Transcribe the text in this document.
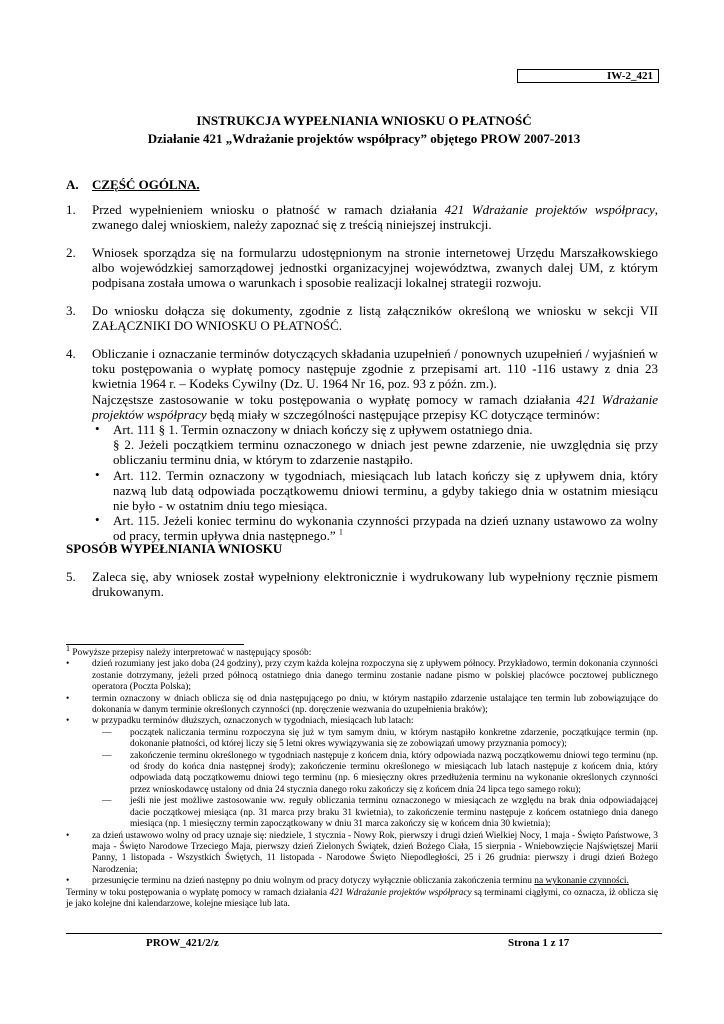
IW-2_421
INSTRUKCJA WYPEŁNIANIA WNIOSKU O PŁATNOŚĆ
Działanie 421 „Wdrażanie projektów współpracy” objętego PROW 2007-2013
A. CZĘŚĆ OGÓLNA.
1. Przed wypełnieniem wniosku o płatność w ramach działania 421 Wdrażanie projektów współpracy, zwanego dalej wnioskiem, należy zapoznać się z treścią niniejszej instrukcji.
2. Wniosek sporządza się na formularzu udostępnionym na stronie internetowej Urzędu Marszałkowskiego albo wojewódzkiej samorządowej jednostki organizacyjnej województwa, zwanych dalej UM, z którym podpisana została umowa o warunkach i sposobie realizacji lokalnej strategii rozwoju.
3. Do wniosku dołącza się dokumenty, zgodnie z listą załączników określoną we wniosku w sekcji VII ZAŁĄCZNIKI DO WNIOSKU O PŁATNOŚĆ.
4. Obliczanie i oznaczanie terminów dotyczących składania uzupełnień / ponownych uzupełnień / wyjaśnień w toku postępowania o wypłatę pomocy następuje zgodnie z przepisami art. 110 -116 ustawy z dnia 23 kwietnia 1964 r. – Kodeks Cywilny (Dz. U. 1964 Nr 16, poz. 93 z późn. zm.).
Najczęstsze zastosowanie w toku postępowania o wypłatę pomocy w ramach działania 421 Wdrażanie projektów współpracy będą miały w szczególności następujące przepisy KC dotyczące terminów:
• Art. 111 § 1. Termin oznaczony w dniach kończy się z upływem ostatniego dnia.
§ 2. Jeżeli początkiem terminu oznaczonego w dniach jest pewne zdarzenie, nie uwzględnia się przy obliczaniu terminu dnia, w którym to zdarzenie nastąpiło.
• Art. 112. Termin oznaczony w tygodniach, miesiącach lub latach kończy się z upływem dnia, który nazwą lub datą odpowiada początkowemu dniowi terminu, a gdyby takiego dnia w ostatnim miesiącu nie było - w ostatnim dniu tego miesiąca.
• Art. 115. Jeżeli koniec terminu do wykonania czynności przypada na dzień uznany ustawowo za wolny od pracy, termin upływa dnia następnego.” $^1$
SPOSÓB WYPEŁNIANIA WNIOSKU
5. Zaleca się, aby wniosek został wypełniony elektronicznie i wydrukowany lub wypełniony ręcznie pismem drukowanym.
$^1$ Powyższe przepisy należy interpretować w następujący sposób:
• dzień rozumiany jest jako doba (24 godziny), przy czym każda kolejna rozpoczyna się z upływem północy. Przykładowo, termin dokonania czynności zostanie dotrzymany, jeżeli przed północą ostatniego dnia danego terminu zostanie nadane pismo w polskiej placówce pocztowej publicznego operatora (Poczta Polska);
• termin oznaczony w dniach oblicza się od dnia następującego po dniu, w którym nastąpiło zdarzenie ustalające ten termin lub zobowiązujące do dokonania w danym terminie określonych czynności (np. doręczenie wezwania do uzupełnienia braków);
• w przypadku terminów dłuższych, oznaczonych w tygodniach, miesiącach lub latach:
— początek naliczania terminu rozpoczyna się już w tym samym dniu, w którym nastąpiło konkretne zdarzenie, początkujące termin (np. dokonanie płatności, od której liczy się 5 letni okres wywiązywania się ze zobowiązań umowy przyznania pomocy);
— zakończenie terminu określonego w tygodniach następuje z końcem dnia, który odpowiada nazwą początkowemu dniowi tego terminu (np. od środy do końca dnia następnej środy); zakończenie terminu określonego w miesiącach lub latach następuje z końcem dnia, który odpowiada datą początkowemu dniowi tego terminu (np. 6 miesięczny okres przedłużenia terminu na wykonanie określonych czynności przez wnioskodawcę ustalony od dnia 24 stycznia danego roku zakończy się z końcem dnia 24 lipca tego samego roku);
— jeśli nie jest możliwe zastosowanie ww. reguły obliczania terminu oznaczonego w miesiącach ze względu na brak dnia odpowiadającej dacie początkowej miesiąca (np. 31 marca przy braku 31 kwietnia), to zakończenie terminu następuje z końcem ostatniego dnia danego miesiąca (np. 1 miesięczny termin zapoczątkowany w dniu 31 marca zakończy się w końcem dnia 30 kwietnia);
• za dzień ustawowo wolny od pracy uznaje się: niedziele, 1 stycznia - Nowy Rok, pierwszy i drugi dzień Wielkiej Nocy, 1 maja - Święto Państwowe, 3 maja - Święto Narodowe Trzeciego Maja, pierwszy dzień Zielonych Świątek, dzień Bożego Ciała, 15 sierpnia - Wniebowzięcie Najświętszej Marii Panny, 1 listopada - Wszystkich Świętych, 11 listopada - Narodowe Święto Niepodległości, 25 i 26 grudnia: pierwszy i drugi dzień Bożego Narodzenia;
• przesunięcie terminu na dzień następny po dniu wolnym od pracy dotyczy wyłącznie obliczania zakończenia terminu na wykonanie czynności.
Terminy w toku postępowania o wypłatę pomocy w ramach działania 421 Wdrażanie projektów współpracy są terminami ciągłymi, co oznacza, iż oblicza się je jako kolejne dni kalendarzowe, kolejne miesiące lub lata.
PROW_421/2/z	Strona 1 z 17
